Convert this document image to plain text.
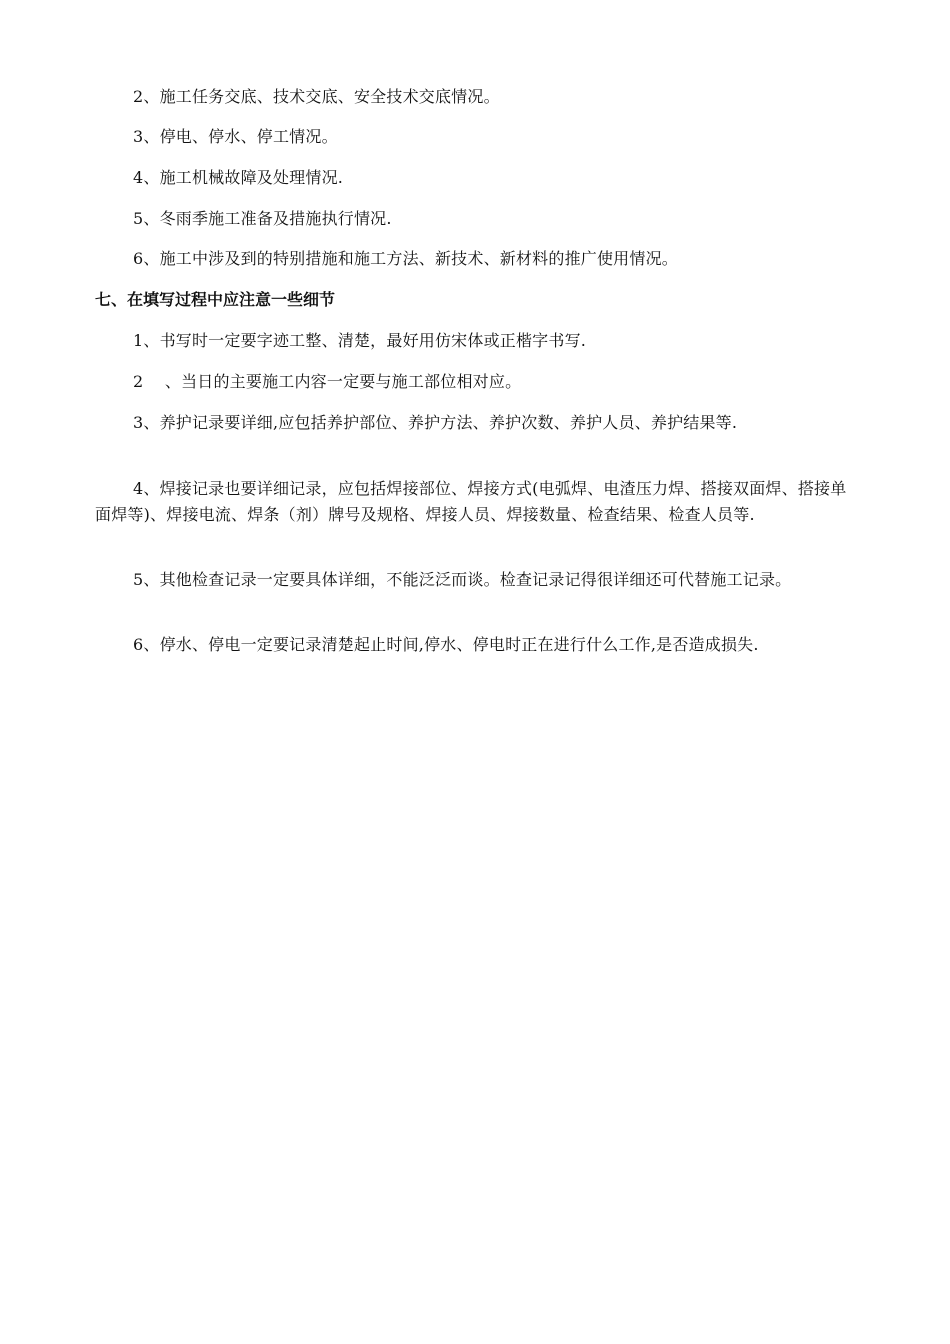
2、施工任务交底、技术交底、安全技术交底情况。
3、停电、停水、停工情况。
4、施工机械故障及处理情况.
5、冬雨季施工准备及措施执行情况.
6、施工中涉及到的特别措施和施工方法、新技术、新材料的推广使用情况。
七、在填写过程中应注意一些细节
1、书写时一定要字迹工整、清楚，最好用仿宋体或正楷字书写.
2 　、当日的主要施工内容一定要与施工部位相对应。
3、养护记录要详细,应包括养护部位、养护方法、养护次数、养护人员、养护结果等.
4、焊接记录也要详细记录，应包括焊接部位、焊接方式(电弧焊、电渣压力焊、搭接双面焊、搭接单面焊等)、焊接电流、焊条（剂）牌号及规格、焊接人员、焊接数量、检查结果、检查人员等.
5、其他检查记录一定要具体详细，不能泛泛而谈。检查记录记得很详细还可代替施工记录。
6、停水、停电一定要记录清楚起止时间,停水、停电时正在进行什么工作,是否造成损失.
